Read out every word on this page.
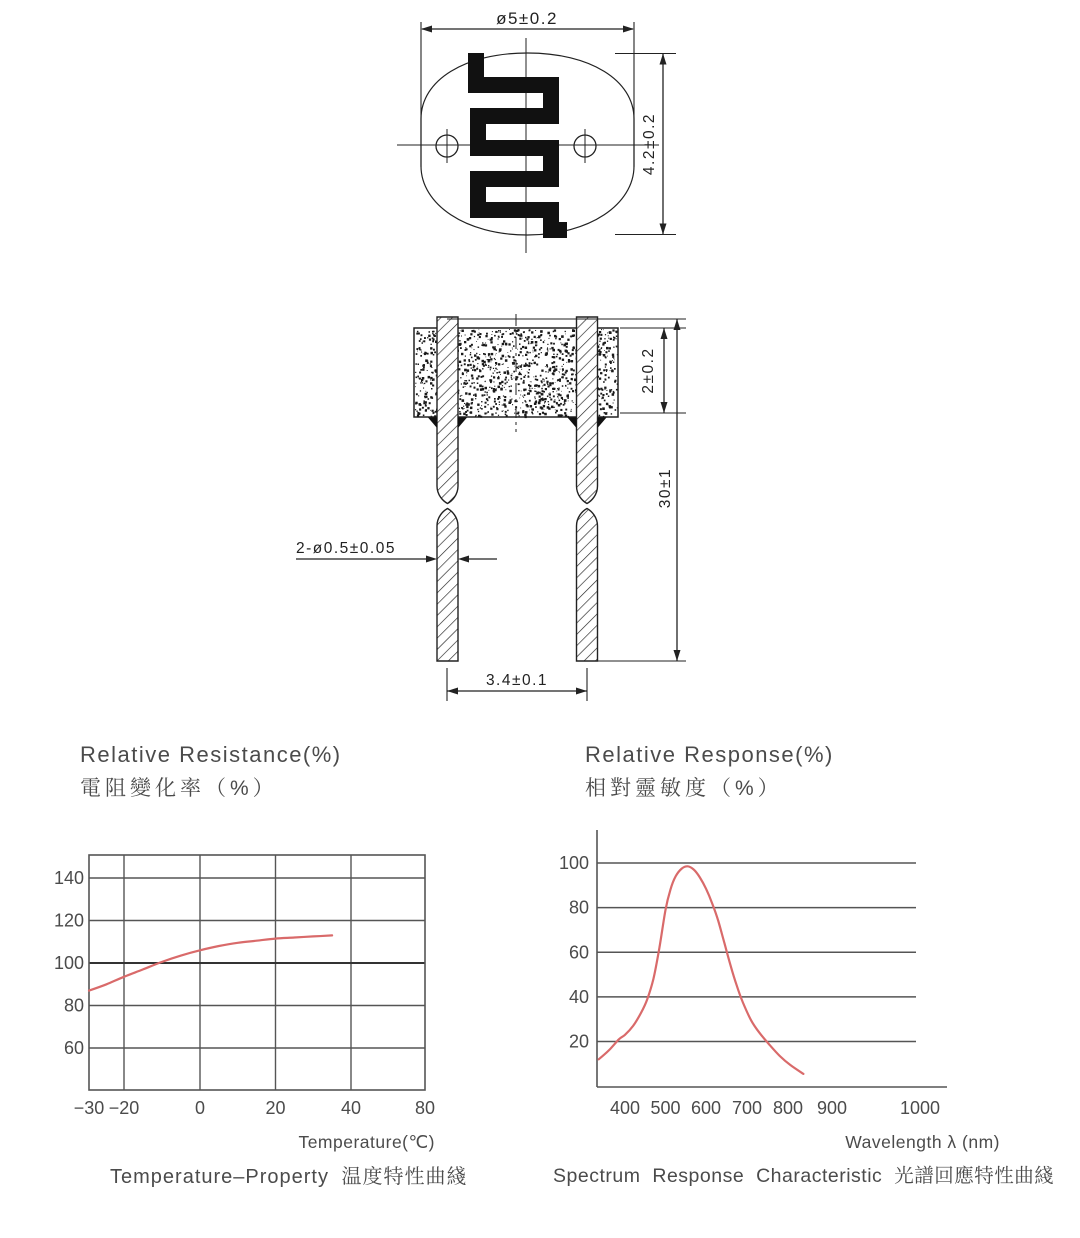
ø5±0.2
4.2±0.2
2±0.2
30±1
2-ø0.5±0.05
3.4±0.1
Relative Resistance(%)
電阻變化率（%）
Relative Response(%)
相對靈敏度（%）
Temperature(℃)	Wavelength λ (nm)
Temperature–Property 温度特性曲綫	Spectrum Response Characteristic 光譜回應特性曲綫
140
120
100
80
60
−30 −20	0	20	40	80
100
80
60
40
20
400 500 600 700 800 900	1000
